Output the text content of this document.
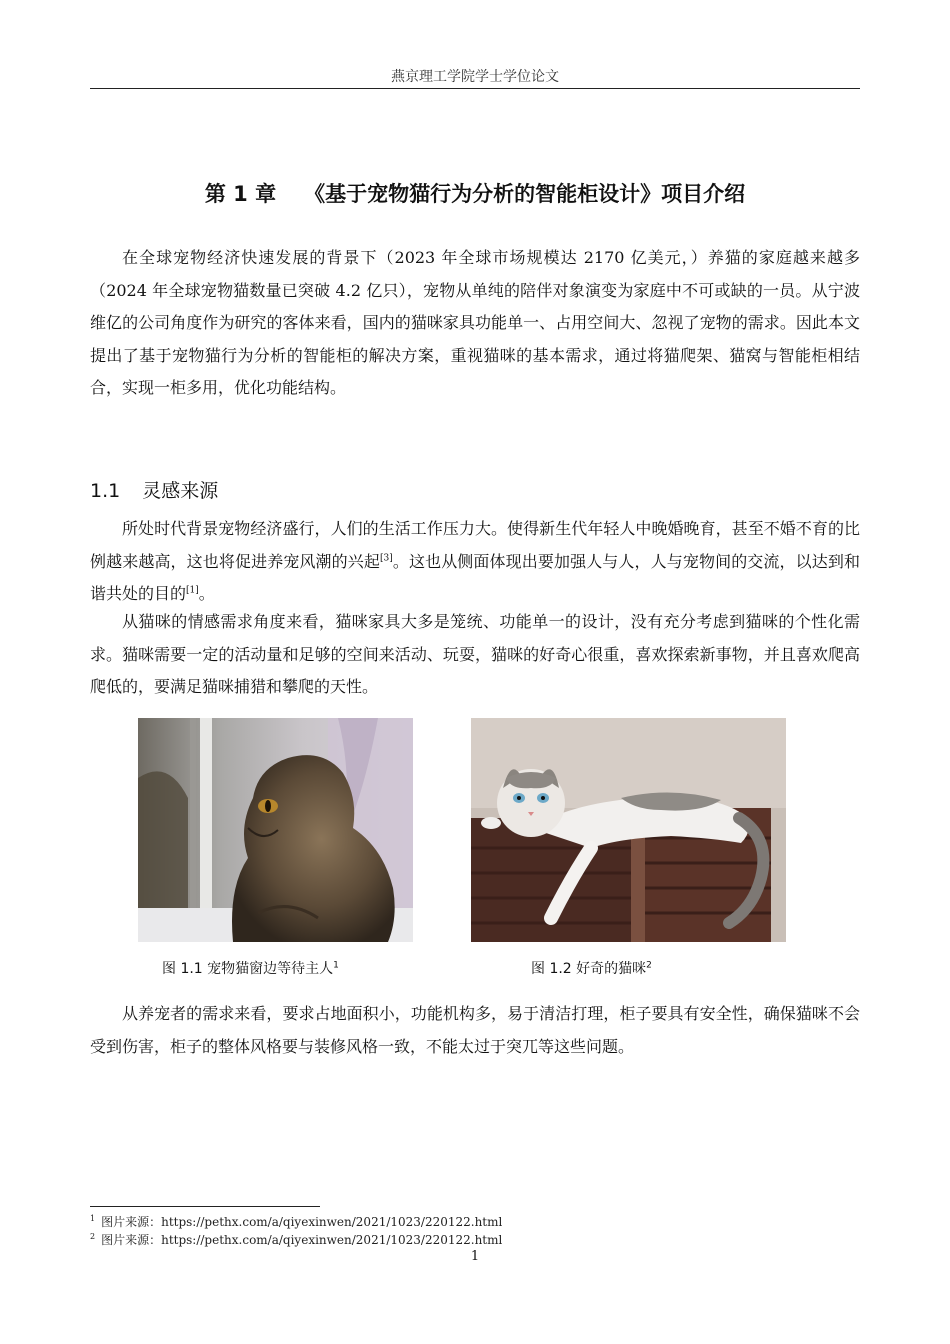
燕京理工学院学士学位论文
第 1 章 《基于宠物猫行为分析的智能柜设计》项目介绍

在全球宠物经济快速发展的背景下（2023 年全球市场规模达 2170 亿美元，）养猫的家庭越来越多（2024 年全球宠物猫数量已突破 4.2 亿只），宠物从单纯的陪伴对象演变为家庭中不可或缺的一员。从宁波维亿的公司角度作为研究的客体来看，国内的猫咪家具功能单一、占用空间大、忽视了宠物的需求。因此本文提出了基于宠物猫行为分析的智能柜的解决方案，重视猫咪的基本需求，通过将猫爬架、猫窝与智能柜相结合，实现一柜多用，优化功能结构。

1.1 灵感来源

所处时代背景宠物经济盛行，人们的生活工作压力大。使得新生代年轻人中晚婚晚育，甚至不婚不育的比例越来越高，这也将促进养宠风潮的兴起[3]。这也从侧面体现出要加强人与人，人与宠物间的交流，以达到和谐共处的目的[1]。

从猫咪的情感需求角度来看，猫咪家具大多是笼统、功能单一的设计，没有充分考虑到猫咪的个性化需求。猫咪需要一定的活动量和足够的空间来活动、玩耍，猫咪的好奇心很重，喜欢探索新事物，并且喜欢爬高爬低的，要满足猫咪捕猎和攀爬的天性。

图 1.1 宠物猫窗边等待主人$^1$	图 1.2 好奇的猫咪$^2$

从养宠者的需求来看，要求占地面积小，功能机构多，易于清洁打理，柜子要具有安全性，确保猫咪不会受到伤害，柜子的整体风格要与装修风格一致，不能太过于突兀等这些问题。

$^1$ 图片来源：https://pethx.com/a/qiyexinwen/2021/1023/220122.html
$^2$ 图片来源：https://pethx.com/a/qiyexinwen/2021/1023/220122.html
1
